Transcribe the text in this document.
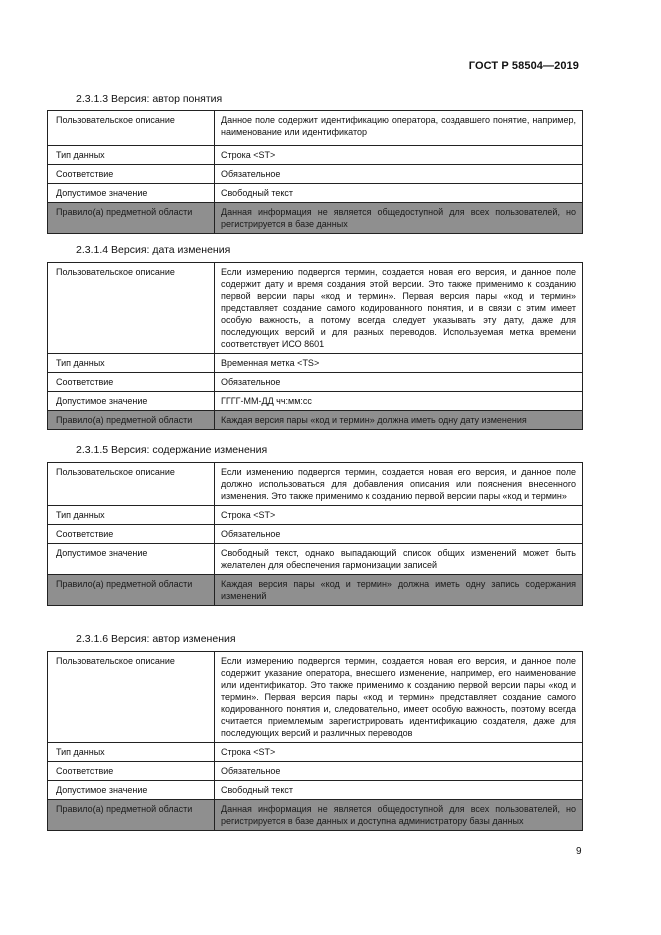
ГОСТ Р 58504—2019
2.3.1.3 Версия: автор понятия
Пользовательское описание	Данное поле содержит идентификацию оператора, создавшего понятие, например, наименование или идентификатор
Тип данных	Строка <ST>
Соответствие	Обязательное
Допустимое значение	Свободный текст
Правило(а) предметной области	Данная информация не является общедоступной для всех пользователей, но регистрируется в базе данных
2.3.1.4 Версия: дата изменения
Пользовательское описание	Если измерению подвергся термин, создается новая его версия, и данное поле содержит дату и время создания этой версии. Это также применимо к созданию первой версии пары «код и термин». Первая версия пары «код и термин» представляет создание самого кодированного понятия, и в связи с этим имеет особую важность, а потому всегда следует указывать эту дату, даже для последующих версий и для разных переводов. Используемая метка времени соответствует ИСО 8601
Тип данных	Временная метка <TS>
Соответствие	Обязательное
Допустимое значение	ГГГГ-ММ-ДД чч:мм:сс
Правило(а) предметной области	Каждая версия пары «код и термин» должна иметь одну дату изменения
2.3.1.5 Версия: содержание изменения
Пользовательское описание	Если изменению подвергся термин, создается новая его версия, и данное поле должно использоваться для добавления описания или пояснения внесенного изменения. Это также применимо к созданию первой версии пары «код и термин»
Тип данных	Строка <ST>
Соответствие	Обязательное
Допустимое значение	Свободный текст, однако выпадающий список общих изменений может быть желателен для обеспечения гармонизации записей
Правило(а) предметной области	Каждая версия пары «код и термин» должна иметь одну запись содержания изменений
2.3.1.6 Версия: автор изменения
Пользовательское описание	Если измерению подвергся термин, создается новая его версия, и данное поле содержит указание оператора, внесшего изменение, например, его наименование или идентификатор. Это также применимо к созданию первой версии пары «код и термин». Первая версия пары «код и термин» представляет создание самого кодированного понятия и, следовательно, имеет особую важность, поэтому всегда считается приемлемым зарегистрировать идентификацию создателя, даже для последующих версий и различных переводов
Тип данных	Строка <ST>
Соответствие	Обязательное
Допустимое значение	Свободный текст
Правило(а) предметной области	Данная информация не является общедоступной для всех пользователей, но регистрируется в базе данных и доступна администратору базы данных
9
